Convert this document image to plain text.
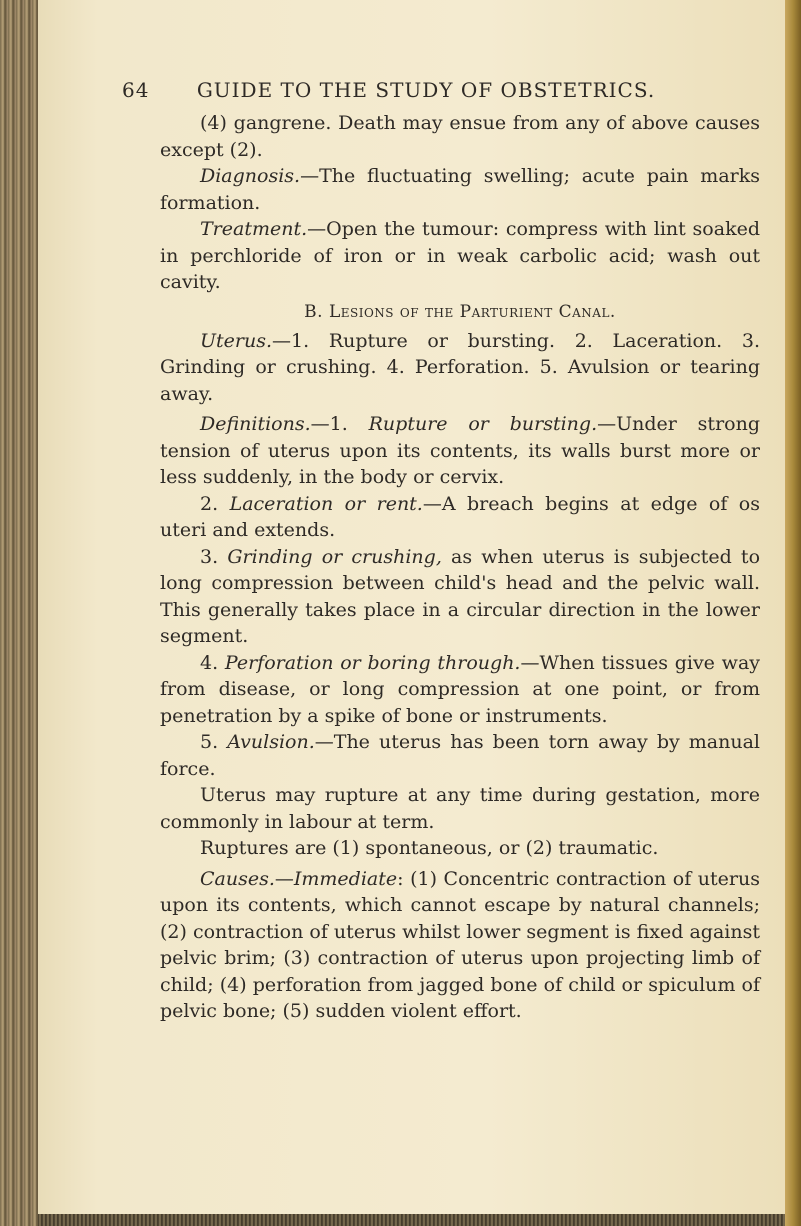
64 GUIDE TO THE STUDY OF OBSTETRICS.

(4) gangrene. Death may ensue from any of above causes except (2).

Diagnosis.—The fluctuating swelling; acute pain marks formation.

Treatment.—Open the tumour: compress with lint soaked in perchloride of iron or in weak carbolic acid; wash out cavity.

B. Lesions of the Parturient Canal.

Uterus.—1. Rupture or bursting. 2. Laceration. 3. Grinding or crushing. 4. Perforation. 5. Avulsion or tearing away.

Definitions.—1. Rupture or bursting.—Under strong tension of uterus upon its contents, its walls burst more or less suddenly, in the body or cervix.

2. Laceration or rent.—A breach begins at edge of os uteri and extends.

3. Grinding or crushing, as when uterus is subjected to long compression between child's head and the pelvic wall. This generally takes place in a circular direction in the lower segment.

4. Perforation or boring through.—When tissues give way from disease, or long compression at one point, or from penetration by a spike of bone or instruments.

5. Avulsion.—The uterus has been torn away by manual force.

Uterus may rupture at any time during gestation, more commonly in labour at term.

Ruptures are (1) spontaneous, or (2) traumatic.

Causes.—Immediate: (1) Concentric contraction of uterus upon its contents, which cannot escape by natural channels; (2) contraction of uterus whilst lower segment is fixed against pelvic brim; (3) contraction of uterus upon projecting limb of child; (4) perforation from jagged bone of child or spiculum of pelvic bone; (5) sudden violent effort.
